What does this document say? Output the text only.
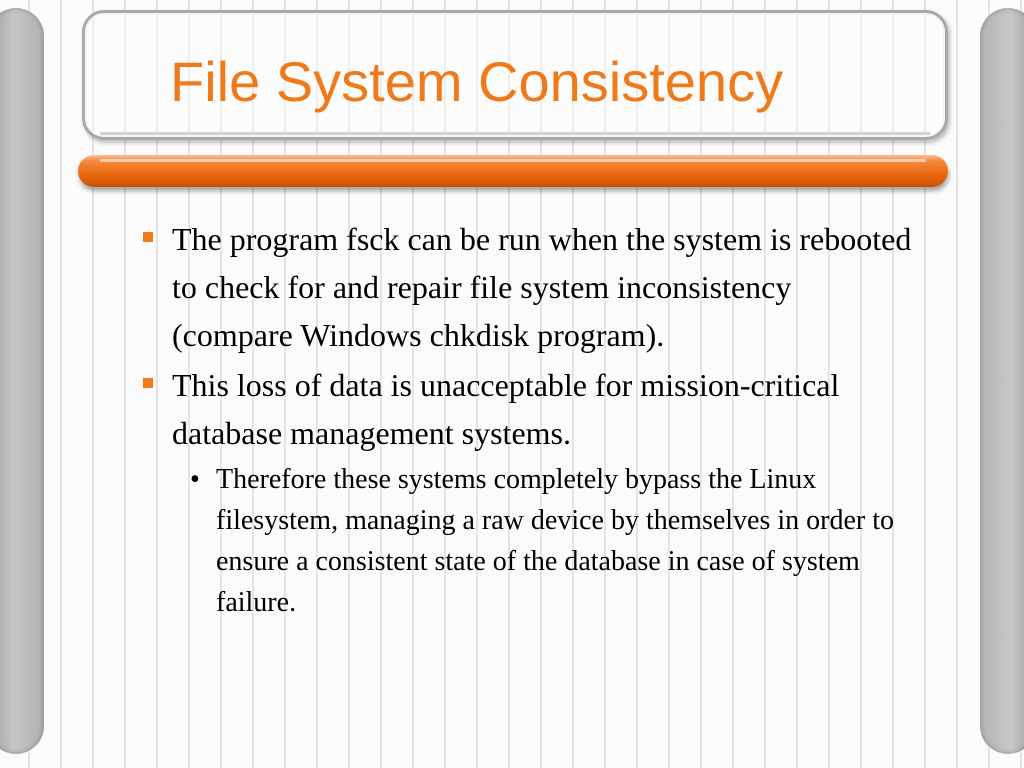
File System Consistency

The program fsck can be run when the system is rebooted to check for and repair file system inconsistency (compare Windows chkdisk program).

This loss of data is unacceptable for mission-critical database management systems.

• Therefore these systems completely bypass the Linux filesystem, managing a raw device by themselves in order to ensure a consistent state of the database in case of system failure.
